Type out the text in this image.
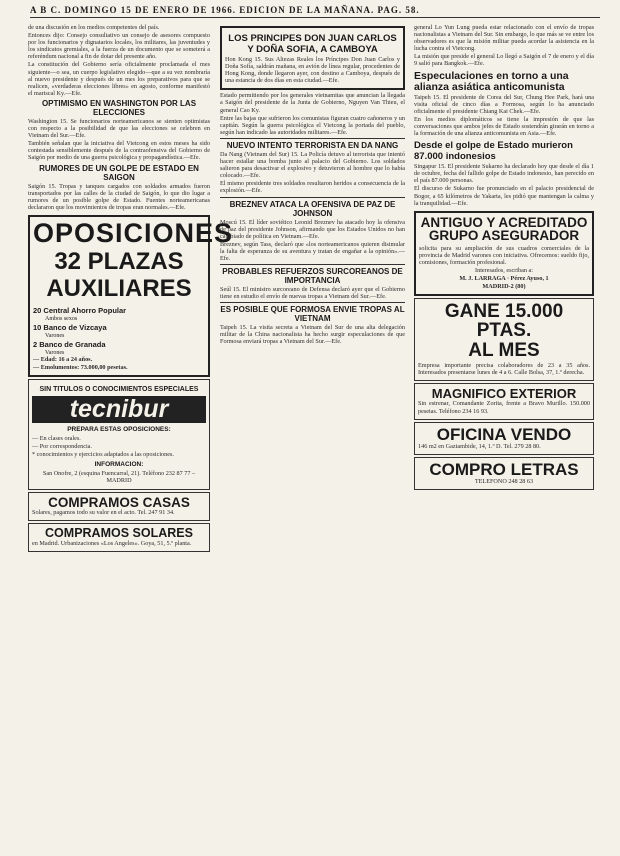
A B C. DOMINGO 15 DE ENERO DE 1966. EDICION DE LA MAÑANA. PAG. 58.

de una discusión en los medios competentes del país.

Entonces dijo: Consejo consultativo un consejo de asesores compuesto por los funcionarios y dignatarios locales, los militares, las juventudes y los sindicatos gremiales, a la fuerza de un documento que se someterá a referéndum nacional a fin de dotar del presente año.

La constitución del Gobierno sería oficialmente proclamada el mes siguiente—o sea, un cuerpo legislativo elegido—que a su vez nombraría al nuevo presidente y después de un mes los preparativos para que se realicen, «verdaderas elecciones libres» en agosto, conforme manifestó el mariscal Ky.—Efe.

OPTIMISMO EN WASHINGTON POR LAS ELECCIONES

Washington 15. Se funcionarios norteamericanos se sienten optimistas con respecto a la posibilidad de que las elecciones se celebren en Vietnam del Sur.—Efe.

También señalan que la iniciativa del Vietcong en estos meses ha sido contestada sensiblemente después de la contraofensiva del Gobierno de Saigón por medio de una guerra psicológica y propagandística.—Efe.

RUMORES DE UN GOLPE DE ESTADO EN SAIGON

Saigón 15. Tropas y tanques cargados con soldados armados fueron transportados por las calles de la ciudad de Saigón, lo que dio lugar a rumores de un posible golpe de Estado. Fuentes norteamericanas declararon que los movimientos de tropas eran normales.—Efe.

OPOSICIONES
32 PLAZAS
AUXILIARES
20 Central Ahorro Popular
Ambos sexos
10 Banco de Vizcaya
Varones
2 Banco de Granada
Varones
— Edad: 16 a 24 años.
— Emolumentos: 73.000,00 pesetas.
SIN TITULOS O CONOCIMIENTOS ESPECIALES
tecnibur
PREPARA ESTAS OPOSICIONES:
— En clases orales.
— Por correspondencia.
* conocimientos y ejercicios adaptados a las oposiciones.
INFORMACION:
San Onofre, 2 (esquina Fuencarral, 21). Teléfono 232 87 77 – MADRID
COMPRAMOS CASAS
Solares, pagamos todo su valor en el acto. Tel. 247 91 34.
COMPRAMOS SOLARES
en Madrid. Urbanizaciones «Los Angeles». Goya, 51, 5.º planta.
LOS PRINCIPES DON JUAN CARLOS Y DOÑA SOFIA, A CAMBOYA

Hon Kong 15. Sus Altezas Reales los Príncipes Don Juan Carlos y Doña Sofía, saldrán mañana, en avión de línea regular, procedentes de Hong Kong, donde llegaron ayer, con destino a Camboya, después de una estancia de dos días en esta ciudad.—Efe.

Estado permitiendo por los generales vietnamitas que anuncian la llegada a Saigón del presidente de la Junta de Gobierno, Nguyen Van Thieu, el general Cao Ky.

Entre las bajas que sufrieron los comunistas figuran cuatro cañoneros y un capitán. Según la guerra psicológica el Vietcong la portada del pueblo, según han indicado las autoridades militares.—Efe.

NUEVO INTENTO TERRORISTA EN DA NANG

Da Nang (Vietnam del Sur) 15. La Policía detuvo al terrorista que intentó hacer estallar una bomba junto al palacio del Gobierno. Los soldados salieron para desactivar el explosivo y detuvieron al hombre que lo había colocado.—Efe.

El mismo presidente tres soldados resultaron heridos a consecuencia de la explosión.—Efe.

BREZNEV ATACA LA OFENSIVA DE PAZ DE JOHNSON

Moscú 15. El líder soviético Leonid Breznev ha atacado hoy la ofensiva de paz del presidente Johnson, afirmando que los Estados Unidos no han cambiado de política en Vietnam.—Efe.

Breznev, según Tass, declaró que «los norteamericanos quieren disimular la falta de esperanza de su aventura y tratan de engañar a la opinión».—Efe.

PROBABLES REFUERZOS SURCOREANOS DE IMPORTANCIA

Seúl 15. El ministro surcoreano de Defensa declaró ayer que el Gobierno tiene en estudio el envío de nuevas tropas a Vietnam del Sur.—Efe.

ES POSIBLE QUE FORMOSA ENVIE TROPAS AL VIETNAM

Taipeh 15. La visita secreta a Vietnam del Sur de una alta delegación militar de la China nacionalista ha hecho surgir especulaciones de que Formosa enviará tropas a Vietnam del Sur.—Efe.

general Lo Yun Lung pueda estar relacionado con el envío de tropas nacionalistas a Vietnam del Sur. Sin embargo, lo que más se ve entre los observadores es que la misión militar pueda acordar la asistencia en la lucha contra el Vietcong.

La misión que preside el general Lo llegó a Saigón el 7 de enero y el día 9 salió para Bangkok.—Efe.

Especulaciones en torno a una alianza asiática anticomunista

Taipeh 15. El presidente de Corea del Sur, Chung Hee Park, hará una visita oficial de cinco días a Formosa, según lo ha anunciado oficialmente el presidente Chiang Kai Chek.—Efe.

En los medios diplomáticos se tiene la impresión de que las conversaciones que ambos jefes de Estado sostendrán girarán en torno a la formación de una alianza anticomunista en Asia.—Efe.

Desde el golpe de Estado murieron 87.000 indonesios

Singapur 15. El presidente Sukarno ha declarado hoy que desde el día 1 de octubre, fecha del fallido golpe de Estado indonesio, han perecido en el país 87.000 personas.

El discurso de Sukarno fue pronunciado en el palacio presidencial de Bogor, a 65 kilómetros de Yakarta, les pidió que mantengan la calma y la tranquilidad.—Efe.

ANTIGUO Y ACREDITADO
GRUPO ASEGURADOR
solicita para su ampliación de sus cuadros comerciales de la provincia de Madrid varones con iniciativa. Ofrecemos: sueldo fijo, comisiones, formación profesional.
Interesados, escriban a:
M. J. LARRAGA · Pérez Ayuso, 1
MADRID-2 (80)
GANE 15.000 PTAS.
AL MES
Empresa importante precisa colaboradores de 23 a 35 años. Interesados presentarse lunes de 4 a 6. Calle Bolsa, 37, 1.º derecha.
MAGNIFICO EXTERIOR
Sin estrenar, Comandante Zorita, frente a Bravo Murillo. 150.000 pesetas. Teléfono 234 16 93.
OFICINA VENDO
146 m2 en Gaztambide, 14, 1.º D. Tel. 279 28 80.
COMPRO LETRAS
TELEFONO 248 28 63
